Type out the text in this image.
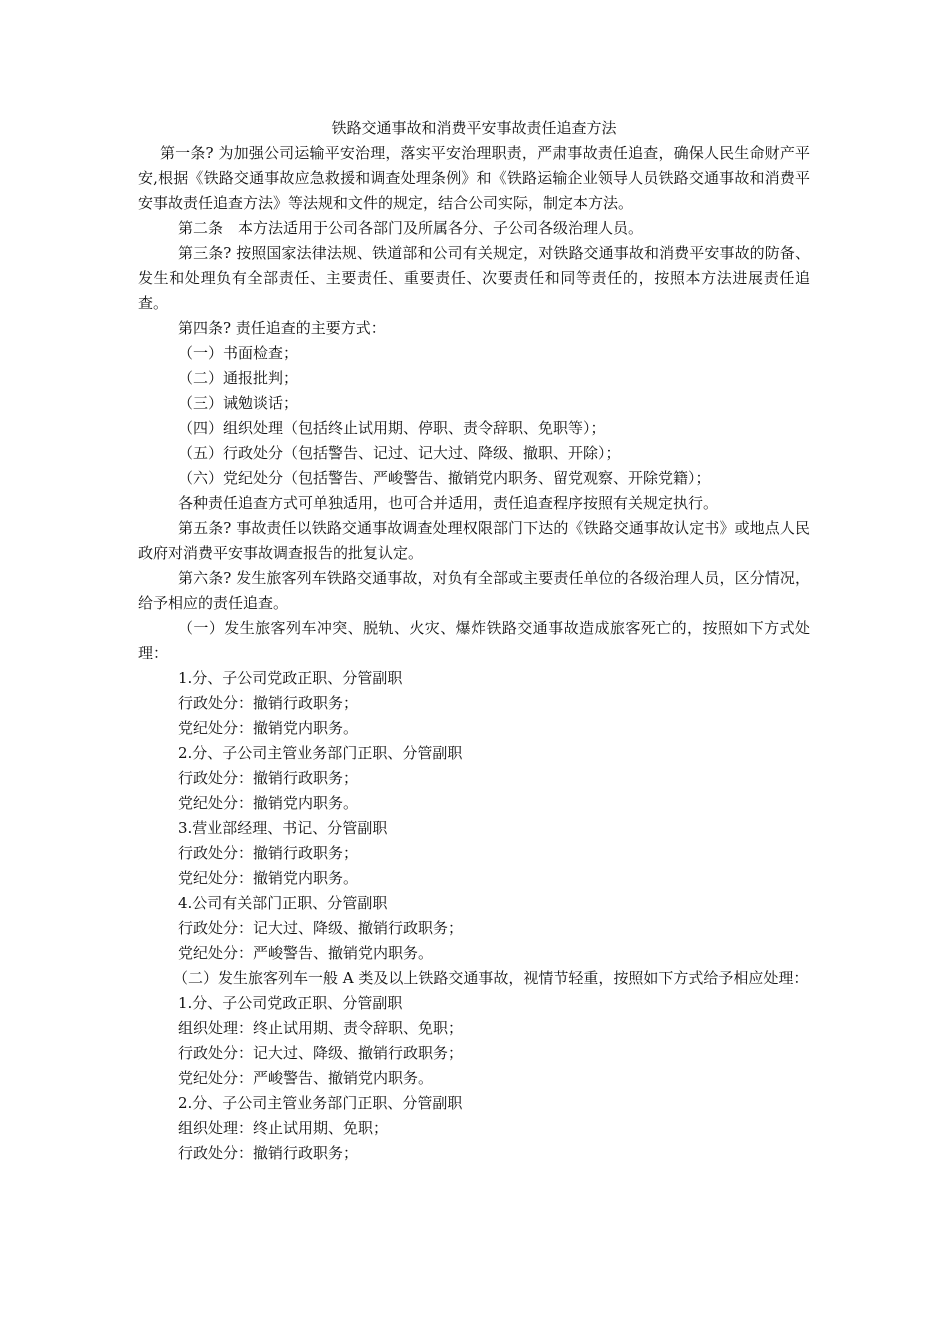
铁路交通事故和消费平安事故责任追查方法

第一条? 为加强公司运输平安治理，落实平安治理职责，严肃事故责任追查，确保人民生命财产平安,根据《铁路交通事故应急救援和调查处理条例》和《铁路运输企业领导人员铁路交通事故和消费平安事故责任追查方法》等法规和文件的规定，结合公司实际，制定本方法。

第二条　本方法适用于公司各部门及所属各分、子公司各级治理人员。

第三条? 按照国家法律法规、铁道部和公司有关规定，对铁路交通事故和消费平安事故的防备、发生和处理负有全部责任、主要责任、重要责任、次要责任和同等责任的，按照本方法进展责任追查。

第四条? 责任追查的主要方式：

（一）书面检查；

（二）通报批判；

（三）诫勉谈话；

（四）组织处理（包括终止试用期、停职、责令辞职、免职等）；

（五）行政处分（包括警告、记过、记大过、降级、撤职、开除）；

（六）党纪处分（包括警告、严峻警告、撤销党内职务、留党观察、开除党籍）；

各种责任追查方式可单独适用，也可合并适用，责任追查程序按照有关规定执行。

第五条? 事故责任以铁路交通事故调查处理权限部门下达的《铁路交通事故认定书》或地点人民政府对消费平安事故调查报告的批复认定。

第六条? 发生旅客列车铁路交通事故，对负有全部或主要责任单位的各级治理人员，区分情况，给予相应的责任追查。

（一）发生旅客列车冲突、脱轨、火灾、爆炸铁路交通事故造成旅客死亡的，按照如下方式处理：

1.分、子公司党政正职、分管副职

行政处分：撤销行政职务；

党纪处分：撤销党内职务。

2.分、子公司主管业务部门正职、分管副职

行政处分：撤销行政职务；

党纪处分：撤销党内职务。

3.营业部经理、书记、分管副职

行政处分：撤销行政职务；

党纪处分：撤销党内职务。

4.公司有关部门正职、分管副职

行政处分：记大过、降级、撤销行政职务；

党纪处分：严峻警告、撤销党内职务。

（二）发生旅客列车一般 A 类及以上铁路交通事故，视情节轻重，按照如下方式给予相应处理：

1.分、子公司党政正职、分管副职

组织处理：终止试用期、责令辞职、免职；

行政处分：记大过、降级、撤销行政职务；

党纪处分：严峻警告、撤销党内职务。

2.分、子公司主管业务部门正职、分管副职

组织处理：终止试用期、免职；

行政处分：撤销行政职务；
